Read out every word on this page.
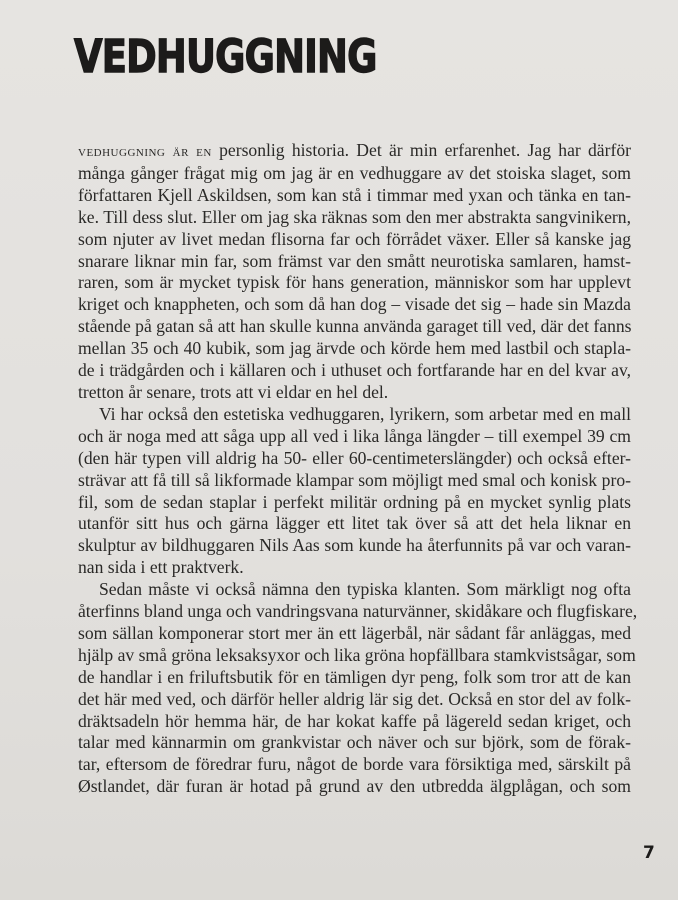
VEDHUGGNING
vedhuggning är en personlig historia. Det är min erfarenhet. Jag har därför
många gånger frågat mig om jag är en vedhuggare av det stoiska slaget, som
författaren Kjell Askildsen, som kan stå i timmar med yxan och tänka en tan-
ke. Till dess slut. Eller om jag ska räknas som den mer abstrakta sangvinikern,
som njuter av livet medan flisorna far och förrådet växer. Eller så kanske jag
snarare liknar min far, som främst var den smått neurotiska samlaren, hamst-
raren, som är mycket typisk för hans generation, människor som har upplevt
kriget och knappheten, och som då han dog – visade det sig – hade sin Mazda
stående på gatan så att han skulle kunna använda garaget till ved, där det fanns
mellan 35 och 40 kubik, som jag ärvde och körde hem med lastbil och stapla-
de i trädgården och i källaren och i uthuset och fortfarande har en del kvar av,
tretton år senare, trots att vi eldar en hel del.
Vi har också den estetiska vedhuggaren, lyrikern, som arbetar med en mall
och är noga med att såga upp all ved i lika långa längder – till exempel 39 cm
(den här typen vill aldrig ha 50- eller 60-centimeterslängder) och också efter-
strävar att få till så likformade klampar som möjligt med smal och konisk pro-
fil, som de sedan staplar i perfekt militär ordning på en mycket synlig plats
utanför sitt hus och gärna lägger ett litet tak över så att det hela liknar en
skulptur av bildhuggaren Nils Aas som kunde ha återfunnits på var och varan-
nan sida i ett praktverk.
Sedan måste vi också nämna den typiska klanten. Som märkligt nog ofta
återfinns bland unga och vandringsvana naturvänner, skidåkare och flugfiskare,
som sällan komponerar stort mer än ett lägerbål, när sådant får anläggas, med
hjälp av små gröna leksaksyxor och lika gröna hopfällbara stamkvistsågar, som
de handlar i en friluftsbutik för en tämligen dyr peng, folk som tror att de kan
det här med ved, och därför heller aldrig lär sig det. Också en stor del av folk-
dräktsadeln hör hemma här, de har kokat kaffe på lägereld sedan kriget, och
talar med kännarmin om grankvistar och näver och sur björk, som de förak-
tar, eftersom de föredrar furu, något de borde vara försiktiga med, särskilt på
Østlandet, där furan är hotad på grund av den utbredda älgplågan, och som
7
